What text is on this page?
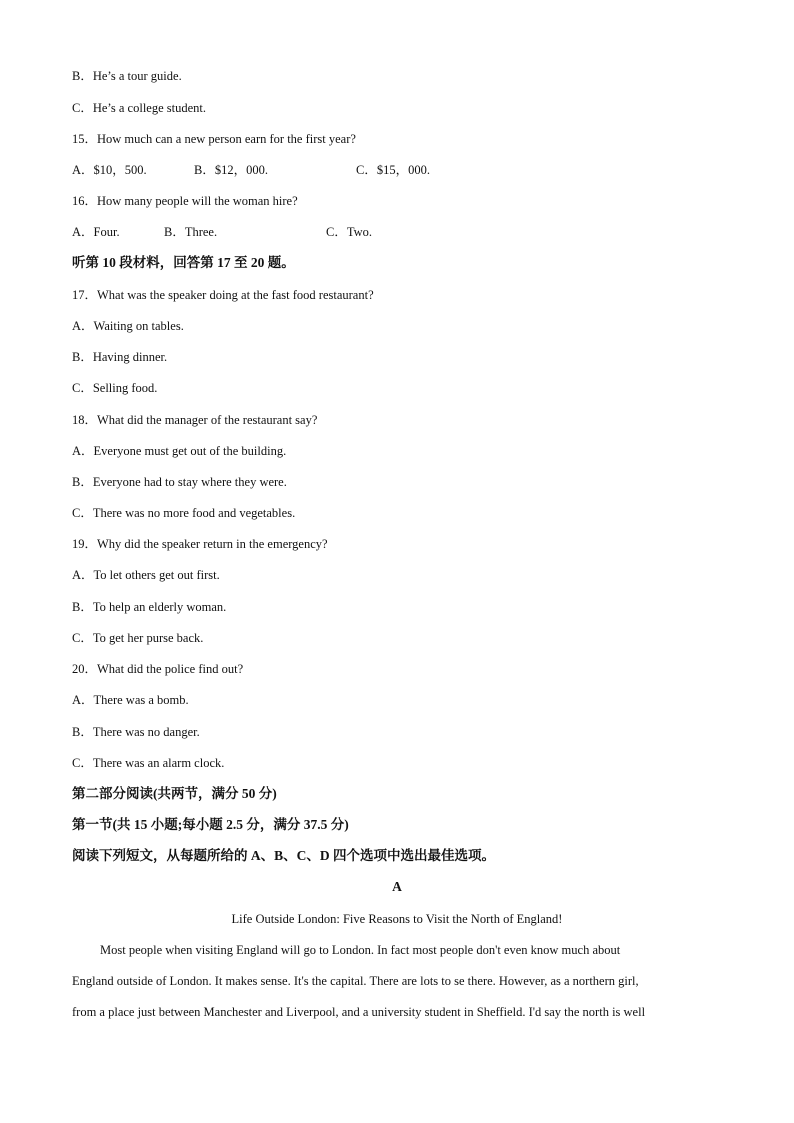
B．He’s a tour guide.
C．He’s a college student.
15．How much can a new person earn for the first year?
A．$10，500.	B．$12，000.	C．$15，000.
16．How many people will the woman hire?
A．Four.	B．Three.	C．Two.
听第 10 段材料，回答第 17 至 20 题。
17．What was the speaker doing at the fast food restaurant?
A．Waiting on tables.
B．Having dinner.
C．Selling food.
18．What did the manager of the restaurant say?
A．Everyone must get out of the building.
B．Everyone had to stay where they were.
C．There was no more food and vegetables.
19．Why did the speaker return in the emergency?
A．To let others get out first.
B．To help an elderly woman.
C．To get her purse back.
20．What did the police find out?
A．There was a bomb.
B．There was no danger.
C．There was an alarm clock.
第二部分阅读(共两节，满分 50 分)
第一节(共 15 小题;每小题 2.5 分，满分 37.5 分)
阅读下列短文，从每题所给的 A、B、C、D 四个选项中选出最佳选项。
A
Life Outside London: Five Reasons to Visit the North of England!
Most people when visiting England will go to London. In fact most people don't even know much about
England outside of London. It makes sense. It's the capital. There are lots to se there. However, as a northern girl,
from a place just between Manchester and Liverpool, and a university student in Sheffield. I'd say the north is well
